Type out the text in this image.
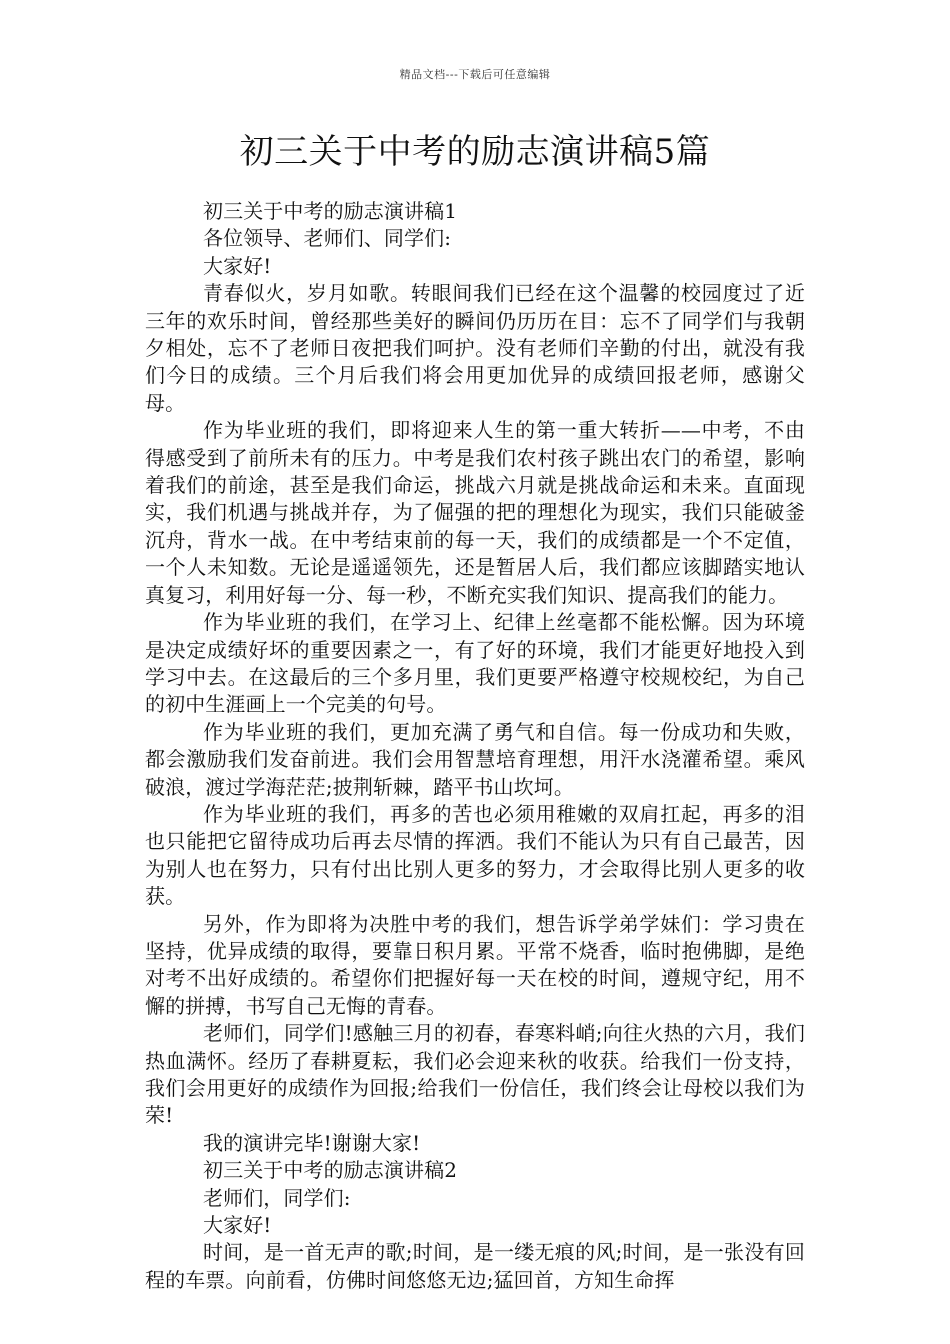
精品文档---下载后可任意编辑
初三关于中考的励志演讲稿5篇

初三关于中考的励志演讲稿1

各位领导、老师们、同学们:

大家好!

青春似火，岁月如歌。转眼间我们已经在这个温馨的校园度过了近三年的欢乐时间，曾经那些美好的瞬间仍历历在目：忘不了同学们与我朝夕相处，忘不了老师日夜把我们呵护。没有老师们辛勤的付出，就没有我们今日的成绩。三个月后我们将会用更加优异的成绩回报老师，感谢父母。

作为毕业班的我们，即将迎来人生的第一重大转折——中考，不由得感受到了前所未有的压力。中考是我们农村孩子跳出农门的希望，影响着我们的前途，甚至是我们命运，挑战六月就是挑战命运和未来。直面现实，我们机遇与挑战并存，为了倔强的把的理想化为现实，我们只能破釜沉舟，背水一战。在中考结束前的每一天，我们的成绩都是一个不定值，一个人未知数。无论是遥遥领先，还是暂居人后，我们都应该脚踏实地认真复习，利用好每一分、每一秒，不断充实我们知识、提高我们的能力。

作为毕业班的我们，在学习上、纪律上丝毫都不能松懈。因为环境是决定成绩好坏的重要因素之一，有了好的环境，我们才能更好地投入到学习中去。在这最后的三个多月里，我们更要严格遵守校规校纪，为自己的初中生涯画上一个完美的句号。

作为毕业班的我们，更加充满了勇气和自信。每一份成功和失败，都会激励我们发奋前进。我们会用智慧培育理想，用汗水浇灌希望。乘风破浪，渡过学海茫茫;披荆斩棘，踏平书山坎坷。

作为毕业班的我们，再多的苦也必须用稚嫩的双肩扛起，再多的泪也只能把它留待成功后再去尽情的挥洒。我们不能认为只有自己最苦，因为别人也在努力，只有付出比别人更多的努力，才会取得比别人更多的收获。

另外，作为即将为决胜中考的我们，想告诉学弟学妹们：学习贵在坚持，优异成绩的取得，要靠日积月累。平常不烧香，临时抱佛脚，是绝对考不出好成绩的。希望你们把握好每一天在校的时间，遵规守纪，用不懈的拼搏，书写自己无悔的青春。

老师们，同学们!感触三月的初春，春寒料峭;向往火热的六月，我们热血满怀。经历了春耕夏耘，我们必会迎来秋的收获。给我们一份支持，我们会用更好的成绩作为回报;给我们一份信任，我们终会让母校以我们为荣!

我的演讲完毕!谢谢大家!

初三关于中考的励志演讲稿2

老师们，同学们:

大家好!

时间，是一首无声的歌;时间，是一缕无痕的风;时间，是一张没有回程的车票。向前看，仿佛时间悠悠无边;猛回首，方知生命挥
